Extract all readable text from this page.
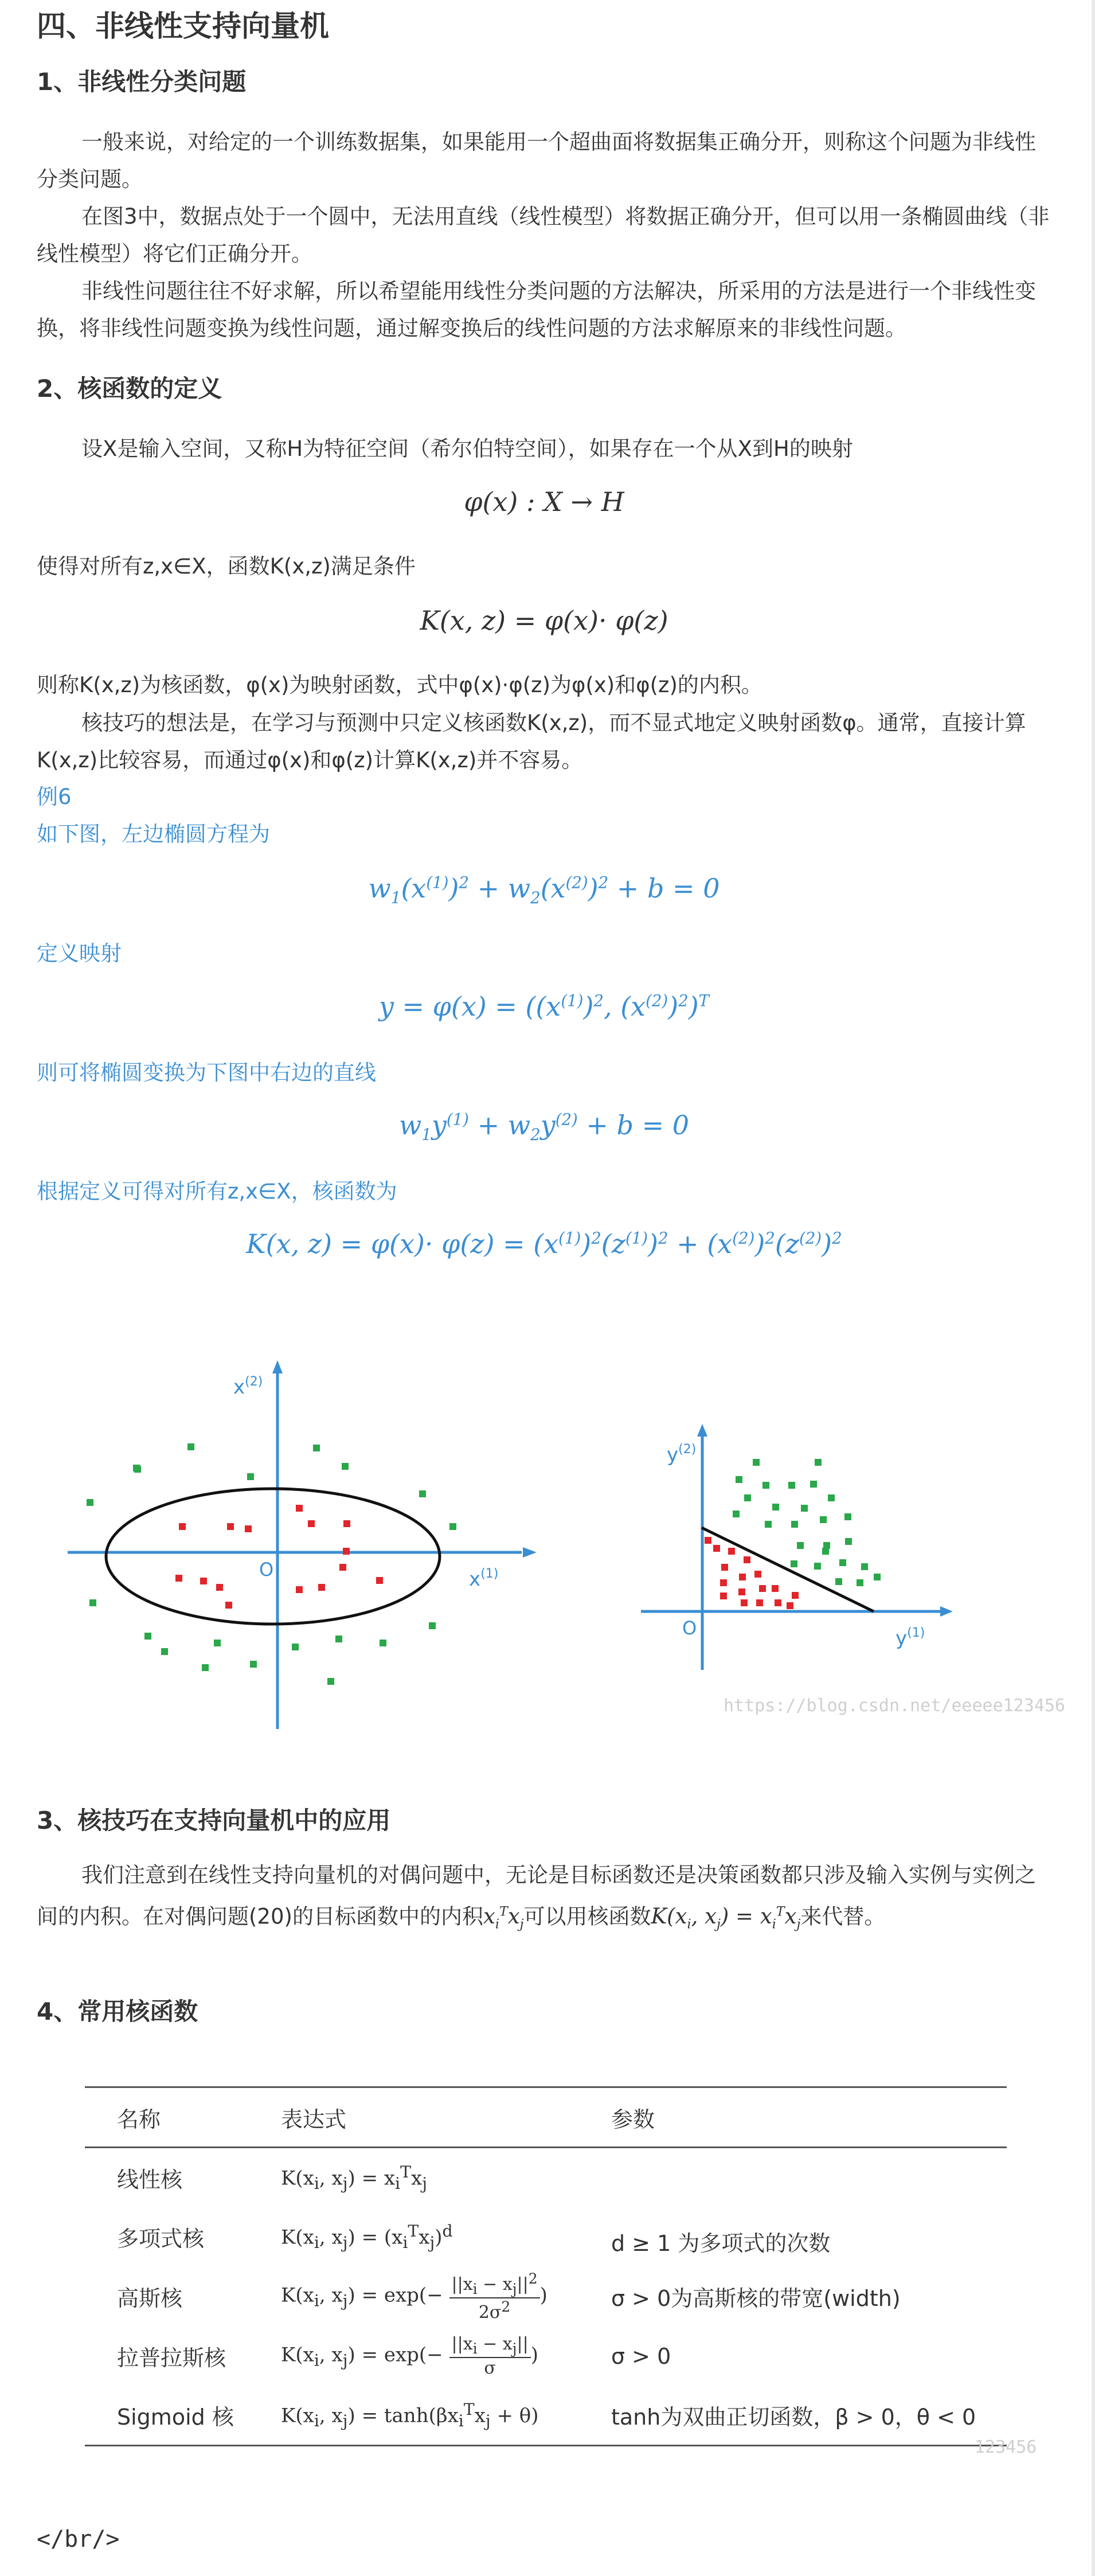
四、非线性支持向量机
1、非线性分类问题
一般来说，对给定的一个训练数据集，如果能用一个超曲面将数据集正确分开，则称这个问题为非线性分类问题。
在图3中，数据点处于一个圆中，无法用直线（线性模型）将数据正确分开，但可以用一条椭圆曲线（非线性模型）将它们正确分开。
非线性问题往往不好求解，所以希望能用线性分类问题的方法解决，所采用的方法是进行一个非线性变换，将非线性问题变换为线性问题，通过解变换后的线性问题的方法求解原来的非线性问题。
2、核函数的定义
设X是输入空间，又称H为特征空间（希尔伯特空间），如果存在一个从X到H的映射
φ(x) : X → H
使得对所有z,x∈X，函数K(x,z)满足条件
K(x, z) = φ(x)· φ(z)
则称K(x,z)为核函数，φ(x)为映射函数，式中φ(x)·φ(z)为φ(x)和φ(z)的内积。
核技巧的想法是，在学习与预测中只定义核函数K(x,z)，而不显式地定义映射函数φ。通常，直接计算K(x,z)比较容易，而通过φ(x)和φ(z)计算K(x,z)并不容易。
例6
如下图，左边椭圆方程为
$w_1(x^{(1)})^2 + w_2(x^{(2)})^2 + b = 0$
定义映射
$y = \varphi(x) = ((x^{(1)})^2$, $(x^{(2)})^2)^T$
则可将椭圆变换为下图中右边的直线
$w_1y^{(1)} + w_2y^{(2)} + b = 0$
根据定义可得对所有z,x∈X，核函数为
K(x, $z) = \varphi(x)\cdot \varphi(z) = (x^{(1)})^2(z^{(1)})^2 + (x^{(2)})^2(z^{(2)})^2$
$x^{(2)}$
$x^{(1)}$
O
$y^{(2)}$
$y^{(1)}$
O
https://blog.csdn.net/eeeee123456
3、核技巧在支持向量机中的应用
我们注意到在线性支持向量机的对偶问题中，无论是目标函数还是决策函数都只涉及输入实例与实例之间的内积。在对偶问题(20)的目标函数中的内积$x_i^Tx_j$可以用核函数$K(x_i$, $x_j) = x_i^Tx_j$来代替。
4、常用核函数
名称	表达式	参数
线性核	$K(x_i$, $x_j) = x_i^Tx_j$	
多项式核	$K(x_i$, $x_j) = (x_i^Tx_j)^d$	d ≥ 1 为多项式的次数
高斯核	$K(x_i$, $x_j) = \exp(- \frac{||x_i - x_j||^2}{2\sigma^2}$ )	σ > 0为高斯核的带宽(width)
拉普拉斯核	$K(x_i$, $x_j) = \exp(- \frac{||x_i - x_j||}{\sigma}$ )	σ > 0
Sigmoid 核	$K(x_i$, $x_j) = \tanh(\beta x_i^Tx_j + \theta)$	tanh为双曲正切函数，β > 0，θ < 0
123456
</br/>
